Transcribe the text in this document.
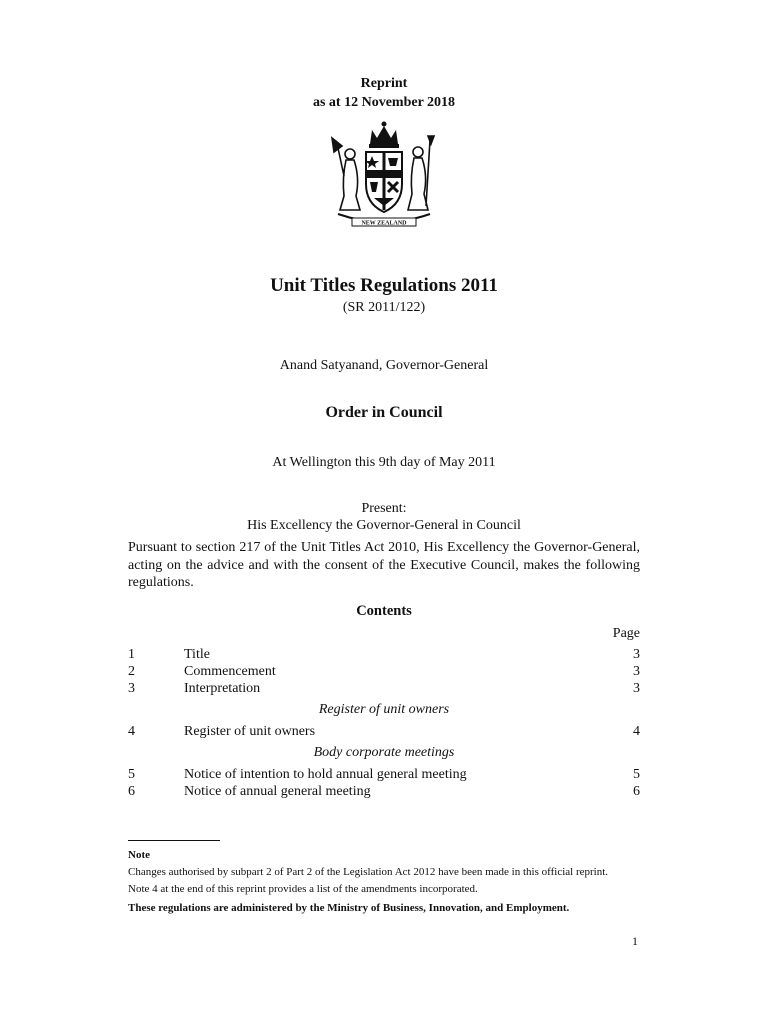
Reprint
as at 12 November 2018
NEW ZEALAND
Unit Titles Regulations 2011
(SR 2011/122)
Anand Satyanand, Governor-General
Order in Council
At Wellington this 9th day of May 2011
Present:
His Excellency the Governor-General in Council
Pursuant to section 217 of the Unit Titles Act 2010, His Excellency the Governor-General, acting on the advice and with the consent of the Executive Council, makes the following regulations.
Contents
Page
1	Title	3
2	Commencement	3
3	Interpretation	3
Register of unit owners
4	Register of unit owners	4
Body corporate meetings
5	Notice of intention to hold annual general meeting	5
6	Notice of annual general meeting	6
Note
Changes authorised by subpart 2 of Part 2 of the Legislation Act 2012 have been made in this official reprint.
Note 4 at the end of this reprint provides a list of the amendments incorporated.
These regulations are administered by the Ministry of Business, Innovation, and Employment.
1
